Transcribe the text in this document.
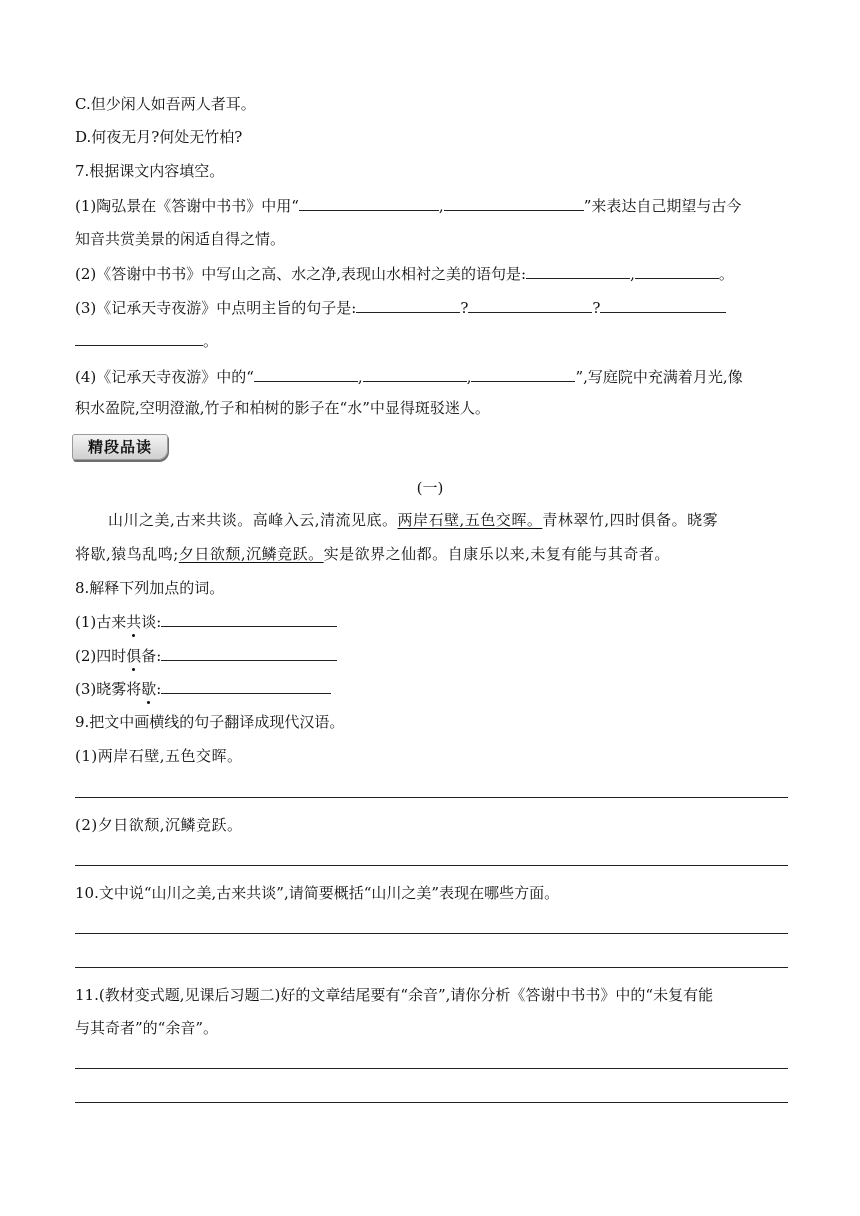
C.但少闲人如吾两人者耳。
D.何夜无月?何处无竹柏?
7.根据课文内容填空。
(1)陶弘景在《答谢中书书》中用“	,	”来表达自己期望与古今
知音共赏美景的闲适自得之情。
(2)《答谢中书书》中写山之高、水之净,表现山水相衬之美的语句是:	,	。
(3)《记承天寺夜游》中点明主旨的句子是:	?	?
。
(4)《记承天寺夜游》中的“	,	,	”,写庭院中充满着月光,像
积水盈院,空明澄澈,竹子和柏树的影子在“水”中显得斑驳迷人。
精段品读
(一)
山川之美,古来共谈。高峰入云,清流见底。两岸石壁,五色交晖。青林翠竹,四时俱备。晓雾
将歇,猿鸟乱鸣;夕日欲颓,沉鳞竞跃。实是欲界之仙都。自康乐以来,未复有能与其奇者。
8.解释下列加点的词。
(1)古来共谈:
(2)四时俱备:
(3)晓雾将歇:
9.把文中画横线的句子翻译成现代汉语。
(1)两岸石壁,五色交晖。
(2)夕日欲颓,沉鳞竞跃。
10.文中说“山川之美,古来共谈”,请简要概括“山川之美”表现在哪些方面。
11.(教材变式题,见课后习题二)好的文章结尾要有“余音”,请你分析《答谢中书书》中的“未复有能
与其奇者”的“余音”。
